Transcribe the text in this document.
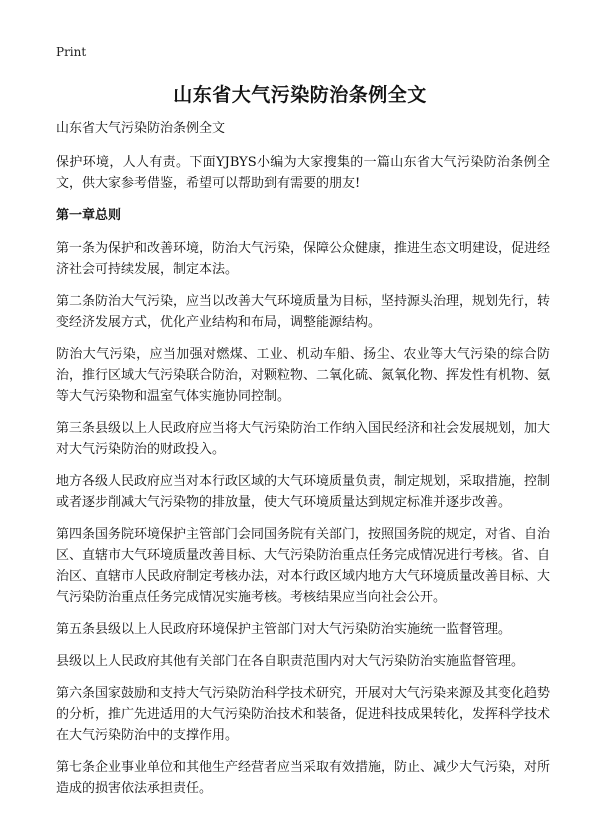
Print
山东省大气污染防治条例全文

山东省大气污染防治条例全文

保护环境，人人有责。下面YJBYS小编为大家搜集的一篇山东省大气污染防治条例全文，供大家参考借鉴，希望可以帮助到有需要的朋友!

第一章总则

第一条为保护和改善环境，防治大气污染，保障公众健康，推进生态文明建设，促进经济社会可持续发展，制定本法。

第二条防治大气污染，应当以改善大气环境质量为目标，坚持源头治理，规划先行，转变经济发展方式，优化产业结构和布局，调整能源结构。

防治大气污染，应当加强对燃煤、工业、机动车船、扬尘、农业等大气污染的综合防治，推行区域大气污染联合防治，对颗粒物、二氧化硫、氮氧化物、挥发性有机物、氨等大气污染物和温室气体实施协同控制。

第三条县级以上人民政府应当将大气污染防治工作纳入国民经济和社会发展规划，加大对大气污染防治的财政投入。

地方各级人民政府应当对本行政区域的大气环境质量负责，制定规划，采取措施，控制或者逐步削减大气污染物的排放量，使大气环境质量达到规定标准并逐步改善。

第四条国务院环境保护主管部门会同国务院有关部门，按照国务院的规定，对省、自治区、直辖市大气环境质量改善目标、大气污染防治重点任务完成情况进行考核。省、自治区、直辖市人民政府制定考核办法，对本行政区域内地方大气环境质量改善目标、大气污染防治重点任务完成情况实施考核。考核结果应当向社会公开。

第五条县级以上人民政府环境保护主管部门对大气污染防治实施统一监督管理。

县级以上人民政府其他有关部门在各自职责范围内对大气污染防治实施监督管理。

第六条国家鼓励和支持大气污染防治科学技术研究，开展对大气污染来源及其变化趋势的分析，推广先进适用的大气污染防治技术和装备，促进科技成果转化，发挥科学技术在大气污染防治中的支撑作用。

第七条企业事业单位和其他生产经营者应当采取有效措施，防止、减少大气污染，对所造成的损害依法承担责任。
